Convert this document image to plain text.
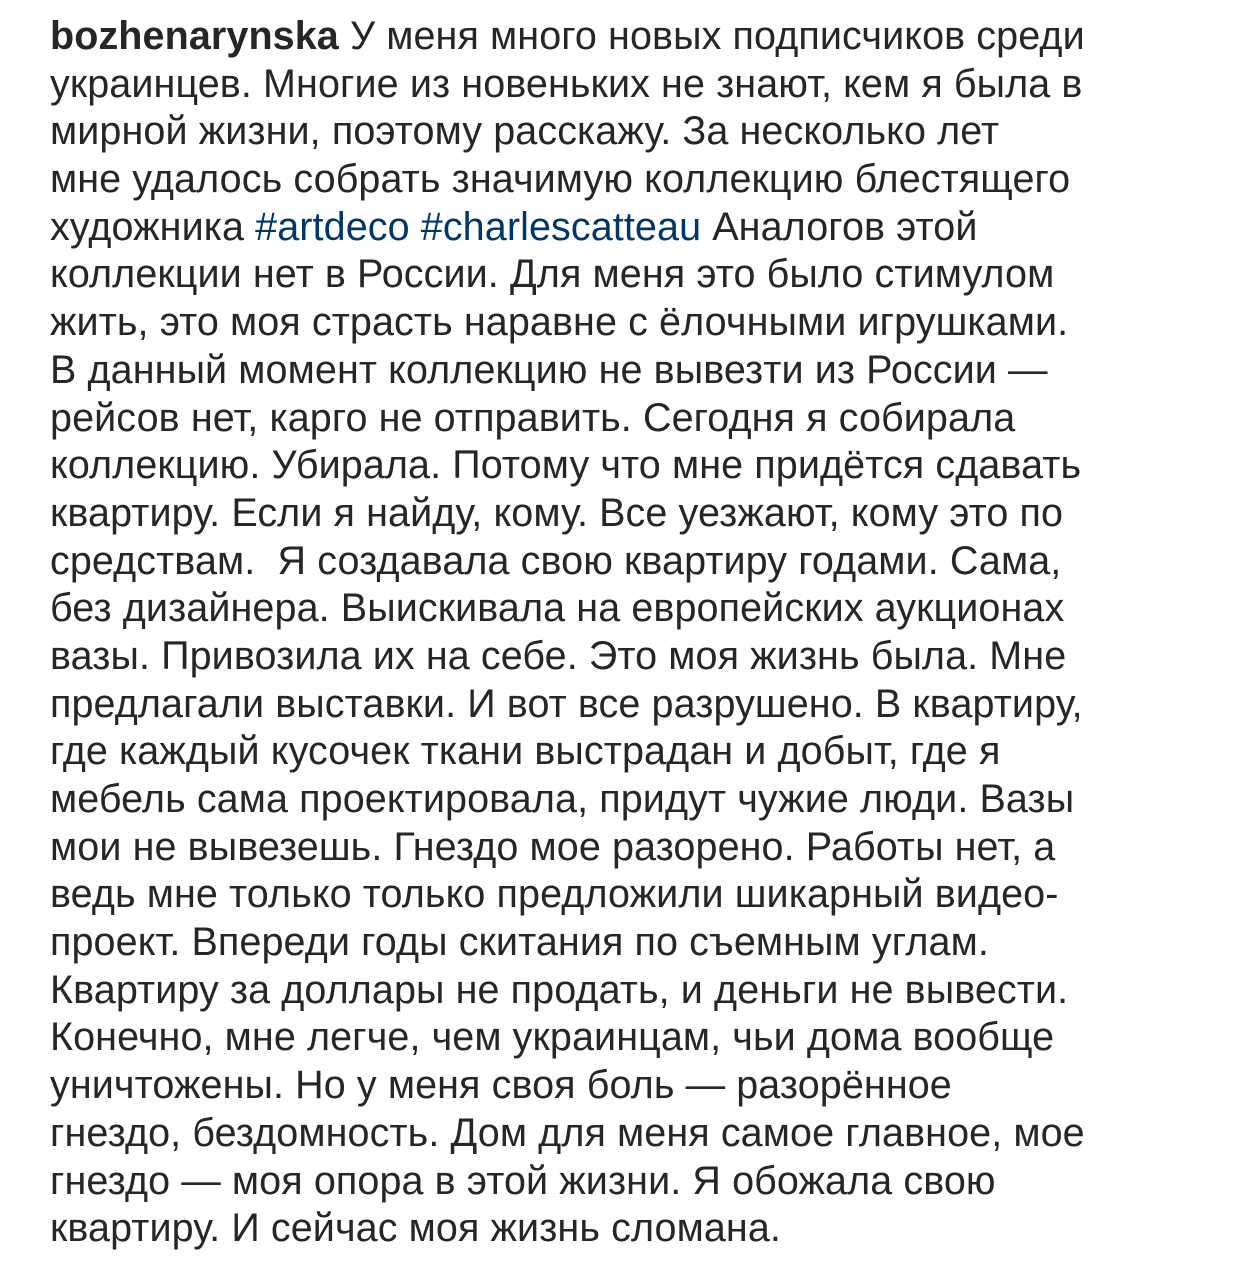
bozhenarynska У меня много новых подписчиков среди
украинцев. Многие из новеньких не знают, кем я была в
мирной жизни, поэтому расскажу. За несколько лет
мне удалось собрать значимую коллекцию блестящего
художника #artdeco #charlescatteau Аналогов этой
коллекции нет в России. Для меня это было стимулом
жить, это моя страсть наравне с ёлочными игрушками.
В данный момент коллекцию не вывезти из России —
рейсов нет, карго не отправить. Сегодня я собирала
коллекцию. Убирала. Потому что мне придётся сдавать
квартиру. Если я найду, кому. Все уезжают, кому это по
средствам.  Я создавала свою квартиру годами. Сама,
без дизайнера. Выискивала на европейских аукционах
вазы. Привозила их на себе. Это моя жизнь была. Мне
предлагали выставки. И вот все разрушено. В квартиру,
где каждый кусочек ткани выстрадан и добыт, где я
мебель сама проектировала, придут чужие люди. Вазы
мои не вывезешь. Гнездо мое разорено. Работы нет, а
ведь мне только только предложили шикарный видео-
проект. Впереди годы скитания по съемным углам.
Квартиру за доллары не продать, и деньги не вывести.
Конечно, мне легче, чем украинцам, чьи дома вообще
уничтожены. Но у меня своя боль — разорённое
гнездо, бездомность. Дом для меня самое главное, мое
гнездо — моя опора в этой жизни. Я обожала свою
квартиру. И сейчас моя жизнь сломана.
